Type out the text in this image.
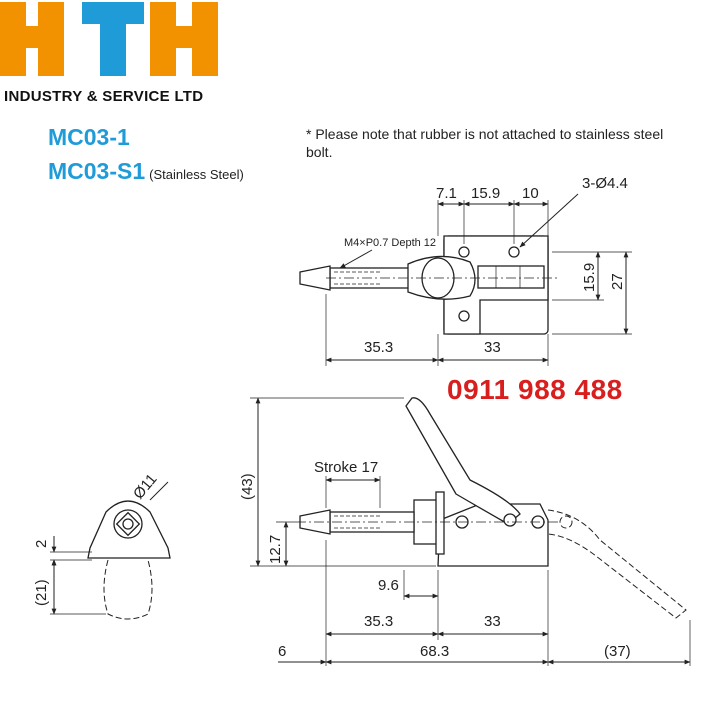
INDUSTRY & SERVICE LTD
MC03-1
MC03-S1 (Stainless Steel)
* Please note that rubber is not attached to stainless steel bolt.
0911 988 488
7.1 15.9 10
3-Ø4.4
M4×P0.7 Depth 12
15.9 27
35.3	33
(43)
12.7
Stroke 17
9.6
35.3	33
6	68.3	(37)
Ø11
2
(21)
